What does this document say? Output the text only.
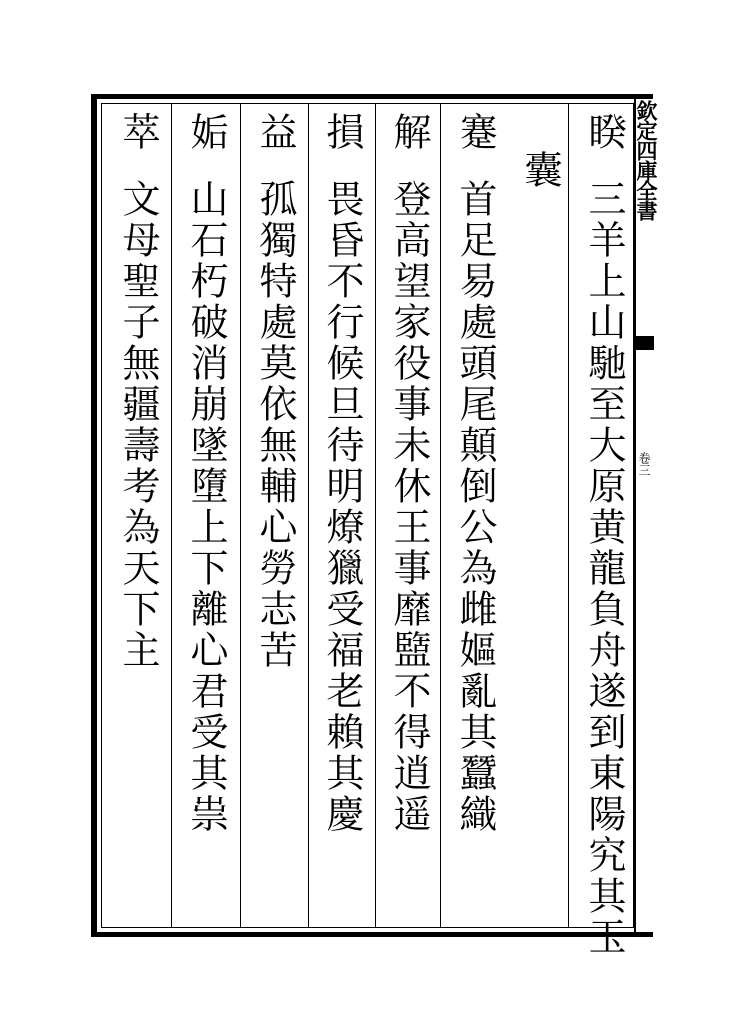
欽定四庫全書
卷三
睽三羊上山馳至大原黄龍負舟遂到東陽究其玉
囊
蹇首足易處頭尾顛倒公為雌嫗亂其蠶織
解登高望家役事未休王事靡盬不得逍遥
損畏昏不行候旦待明燎獵受福老賴其慶
益孤獨特處莫依無輔心勞志苦
姤山石朽破消崩墜墮上下離心君受其祟
萃文母聖子無疆壽考為天下主
